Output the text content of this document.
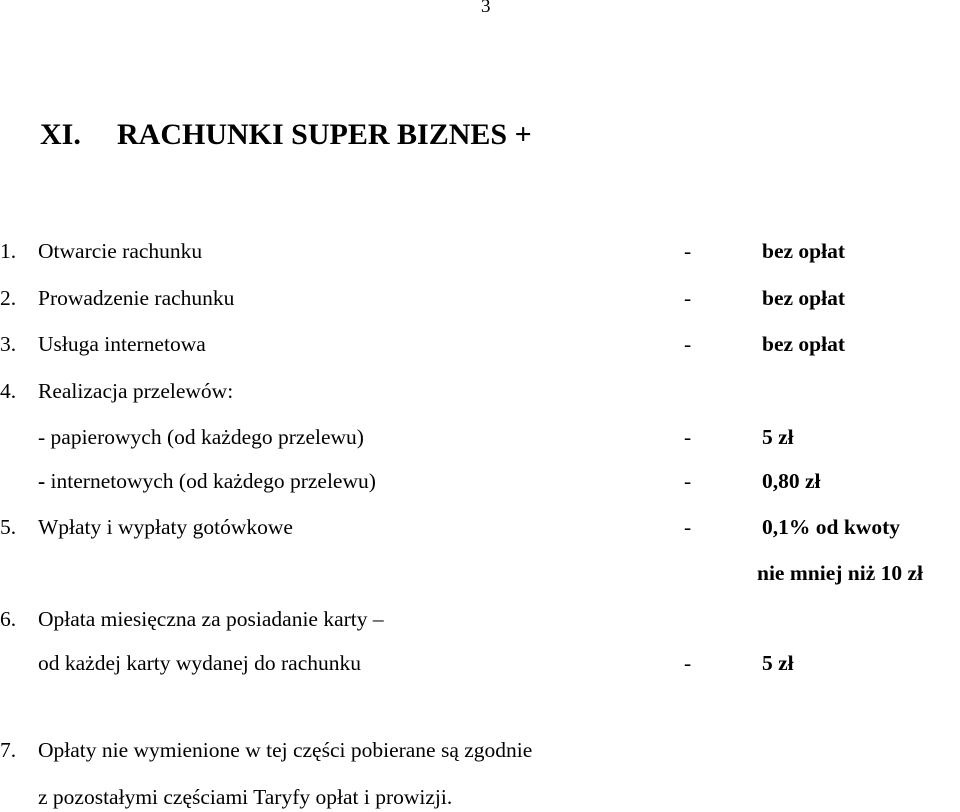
3
XI. RACHUNKI SUPER BIZNES +
1. Otwarcie rachunku	-	bez opłat
2. Prowadzenie rachunku	-	bez opłat
3. Usługa internetowa	-	bez opłat
4. Realizacja przelewów:
- papierowych (od każdego przelewu)	-	5 zł
- internetowych (od każdego przelewu)	-	0,80 zł
5. Wpłaty i wypłaty gotówkowe	-	0,1% od kwoty
nie mniej niż 10 zł
6. Opłata miesięczna za posiadanie karty –
od każdej karty wydanej do rachunku	-	5 zł
7. Opłaty nie wymienione w tej części pobierane są zgodnie
z pozostałymi częściami Taryfy opłat i prowizji.
